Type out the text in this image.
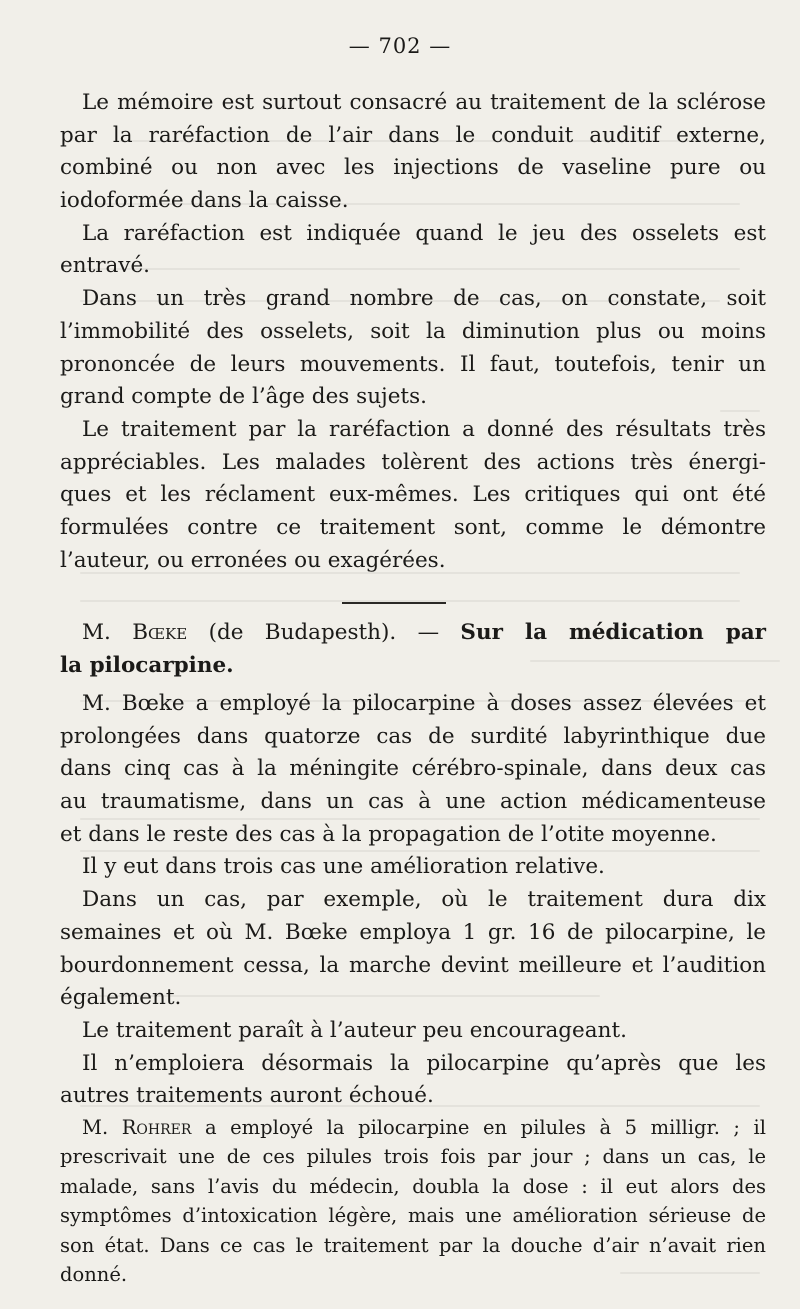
— 702 —
Le mémoire est surtout consacré au traitement de la sclérose
par la raréfaction de l’air dans le conduit auditif externe,
combiné ou non avec les injections de vaseline pure ou
iodoformée dans la caisse.
La raréfaction est indiquée quand le jeu des osselets est
entravé.
Dans un très grand nombre de cas, on constate, soit
l’immobilité des osselets, soit la diminution plus ou moins
prononcée de leurs mouvements. Il faut, toutefois, tenir un
grand compte de l’âge des sujets.
Le traitement par la raréfaction a donné des résultats très
appréciables. Les malades tolèrent des actions très énergi-
ques et les réclament eux-mêmes. Les critiques qui ont été
formulées contre ce traitement sont, comme le démontre
l’auteur, ou erronées ou exagérées.
M. Bœke (de Budapesth). — Sur la médication par
la pilocarpine.
M. Bœke a employé la pilocarpine à doses assez élevées et
prolongées dans quatorze cas de surdité labyrinthique due
dans cinq cas à la méningite cérébro-spinale, dans deux cas
au traumatisme, dans un cas à une action médicamenteuse
et dans le reste des cas à la propagation de l’otite moyenne.
Il y eut dans trois cas une amélioration relative.
Dans un cas, par exemple, où le traitement dura dix
semaines et où M. Bœke employa 1 gr. 16 de pilocarpine, le
bourdonnement cessa, la marche devint meilleure et l’audition
également.
Le traitement paraît à l’auteur peu encourageant.
Il n’emploiera désormais la pilocarpine qu’après que les
autres traitements auront échoué.
M. Rohrer a employé la pilocarpine en pilules à 5 milligr. ; il
prescrivait une de ces pilules trois fois par jour ; dans un cas, le
malade, sans l’avis du médecin, doubla la dose : il eut alors des
symptômes d’intoxication légère, mais une amélioration sérieuse de
son état. Dans ce cas le traitement par la douche d’air n’avait rien
donné.
